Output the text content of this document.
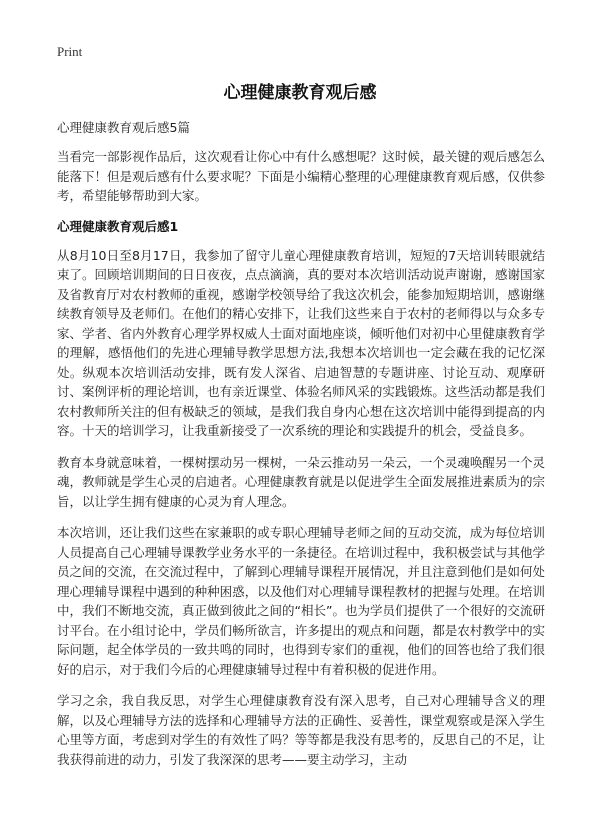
Print
心理健康教育观后感
心理健康教育观后感5篇

当看完一部影视作品后，这次观看让你心中有什么感想呢？这时候，最关键的观后感怎么能落下！但是观后感有什么要求呢？下面是小编精心整理的心理健康教育观后感，仅供参考，希望能够帮助到大家。

心理健康教育观后感1

从8月10日至8月17日，我参加了留守儿童心理健康教育培训，短短的7天培训转眼就结束了。回顾培训期间的日日夜夜，点点滴滴，真的要对本次培训活动说声谢谢，感谢国家及省教育厅对农村教师的重视，感谢学校领导给了我这次机会，能参加短期培训，感谢继续教育领导及老师们。在他们的精心安排下，让我们这些来自于农村的老师得以与众多专家、学者、省内外教育心理学界权威人士面对面地座谈，倾听他们对初中心里健康教育学的理解，感悟他们的先进心理辅导教学思想方法,我想本次培训也一定会藏在我的记忆深处。纵观本次培训活动安排，既有发人深省、启迪智慧的专题讲座、讨论互动、观摩研讨、案例评析的理论培训，也有亲近课堂、体验名师风采的实践锻炼。这些活动都是我们农村教师所关注的但有极缺乏的领域，是我们我自身内心想在这次培训中能得到提高的内容。十天的培训学习，让我重新接受了一次系统的理论和实践提升的机会，受益良多。

教育本身就意味着，一棵树摆动另一棵树，一朵云推动另一朵云，一个灵魂唤醒另一个灵魂，教师就是学生心灵的启迪者。心理健康教育就是以促进学生全面发展推进素质为的宗旨，以让学生拥有健康的心灵为育人理念。

本次培训，还让我们这些在家兼职的或专职心理辅导老师之间的互动交流，成为每位培训人员提高自己心理辅导课教学业务水平的一条捷径。在培训过程中，我积极尝试与其他学员之间的交流，在交流过程中，了解到心理辅导课程开展情况，并且注意到他们是如何处理心理辅导课程中遇到的种种困惑，以及他们对心理辅导课程教材的把握与处理。在培训中，我们不断地交流，真正做到彼此之间的“相长”。也为学员们提供了一个很好的交流研讨平台。在小组讨论中，学员们畅所欲言，许多提出的观点和问题，都是农村教学中的实际问题，起全体学员的一致共鸣的同时，也得到专家们的重视，他们的回答也给了我们很好的启示，对于我们今后的心理健康辅导过程中有着积极的促进作用。

学习之余，我自我反思，对学生心理健康教育没有深入思考，自己对心理辅导含义的理解，以及心理辅导方法的选择和心理辅导方法的正确性、妥善性，课堂观察或是深入学生心里等方面，考虑到对学生的有效性了吗？等等都是我没有思考的，反思自己的不足，让我获得前进的动力，引发了我深深的思考——要主动学习，主动
